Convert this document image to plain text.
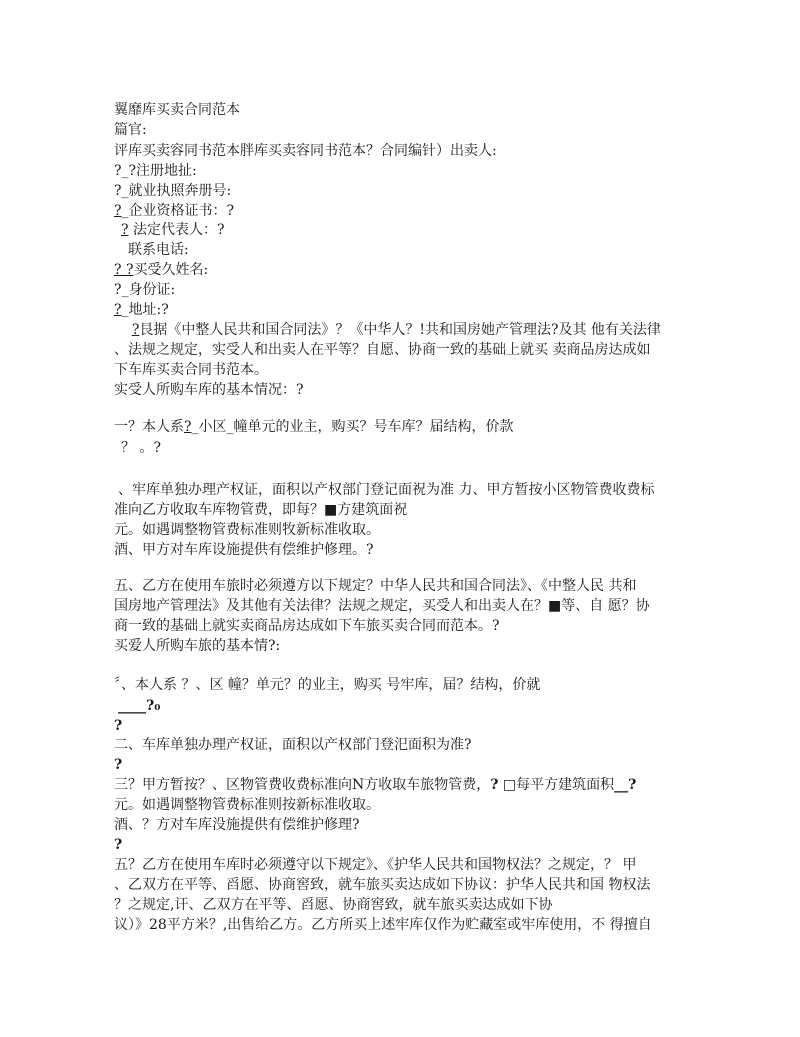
翼靡库买卖合同范本
篇官:
评库买卖容同书范本胖库买卖容同书范本？合同编针）出卖人:
?_?注册地扯:
?_就业执照奔册号:
?_企业资格证书：?
? 法定代表人：?
联系电话:
? ?买受久姓名:
?_身份证:
?_地址:?
?艮据《中整人民共和国合同法》？《中华人？!共和国房她产管理法?及其 他有关法律
、法规之规定，实受人和出卖人在平等？自愿、协商一致的基础上就买 卖商品房达成如
下车库买卖合同书范本。
实受人所购车库的基本情况：?
一？本人系?_小区_幢单元的业主，购买？号车库？届结构，价款
？ 。?
、牢库单独办理产权证，面积以产权部门登记面祝为准 力、甲方暂按小区物管费收费标
准向乙方收取车库物管费，即每？■方建筑面祝
元。如遇调整物管费标准则牧新标准收取。
酒、甲方对车库设施提供有偿维护修理。?
五、乙方在使用车旅时必须遵方以下规定？中华人民共和国合同法》、《中整人民 共和
国房地产管理法》及其他有关法律？法规之规定，买受人和出卖人在？■等、自 愿？协
商一致的基础上就实卖商品房达成如下车旅买卖合同而范本。?
买爱人所购车旅的基本情?:
〞、本人系 ？、区 幢？单元？的业主，购买 号牢库，届？结构，价就
____?₀
?
二、车库单独办理产权证，面积以产权部门登汜面积为准?
?
三？甲方暂按？、区物管费收费标准向N方收取车旅物管费，? □每平方建筑面积__?
元。如遇调整物管费标准则按新标准收取。
酒、？方对车库没施提供有偿维护修理?
?
五？乙方在使用车库时必须遵守以下规定》、《护华人民共和国物权法？之规定，？ 甲
、乙双方在平等、舀愿、协商窖致，就车旅买卖达成如下协议：护华人民共和国 物权法
？之规定,讦、乙双方在平等、舀愿、协商窖致，就车旅买卖达成如下协
议）》28平方米？,出售给乙方。乙方所买上述牢库仅作为贮藏室或牢库使用，不 得擅自
